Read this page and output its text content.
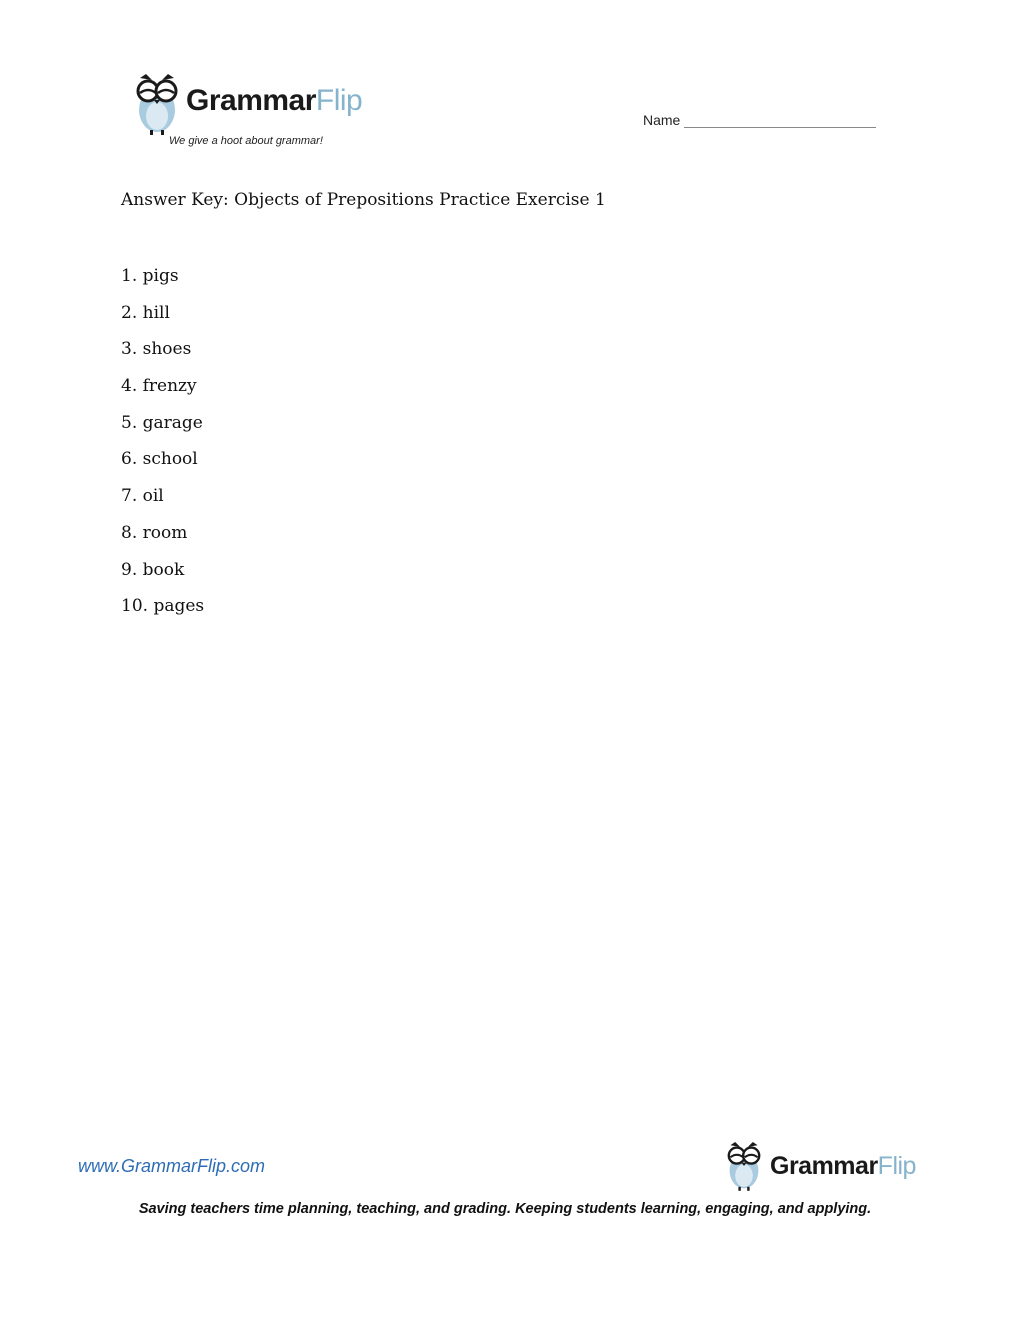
GrammarFlip
We give a hoot about grammar!
Name
Answer Key: Objects of Prepositions Practice Exercise 1
1. pigs
2. hill
3. shoes
4. frenzy
5. garage
6. school
7. oil
8. room
9. book
10. pages
www.GrammarFlip.com	GrammarFlip
Saving teachers time planning, teaching, and grading. Keeping students learning, engaging, and applying.
